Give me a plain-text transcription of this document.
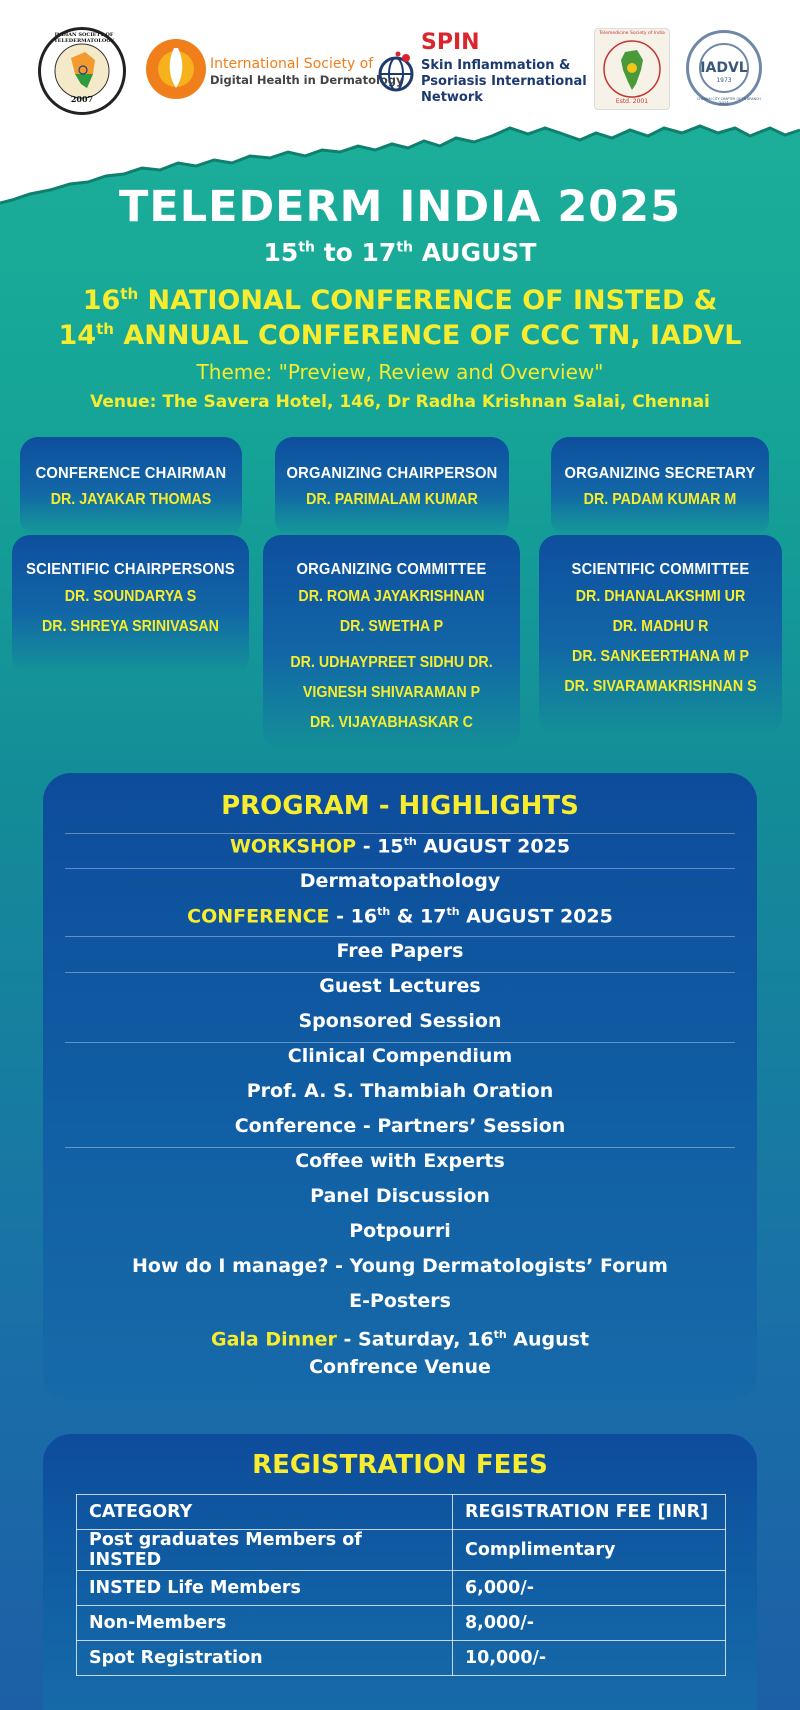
2007
INDIAN SOCIETY OF TELEDERMATOLOGY
International Society of
Digital Health in Dermatology
SPIN
Skin Inflammation &
Psoriasis International
Network
Telemedicine Society of India
Estd. 2001
IADVL
1973
CHENNAI CITY CHAPTER OF TN BRANCH
2011
TELEDERM INDIA 2025
15th to 17th AUGUST
16th NATIONAL CONFERENCE OF INSTED &
14th ANNUAL CONFERENCE OF CCC TN, IADVL
Theme: "Preview, Review and Overview"
Venue: The Savera Hotel, 146, Dr Radha Krishnan Salai, Chennai
CONFERENCE CHAIRMAN
DR. JAYAKAR THOMAS
ORGANIZING CHAIRPERSON
DR. PARIMALAM KUMAR
ORGANIZING SECRETARY
DR. PADAM KUMAR M
SCIENTIFIC CHAIRPERSONS
DR. SOUNDARYA S
DR. SHREYA SRINIVASAN
ORGANIZING COMMITTEE
DR. ROMA JAYAKRISHNAN
DR. SWETHA P
DR. UDHAYPREET SIDHU DR.
VIGNESH SHIVARAMAN P
DR. VIJAYABHASKAR C
SCIENTIFIC COMMITTEE
DR. DHANALAKSHMI UR
DR. MADHU R
DR. SANKEERTHANA M P
DR. SIVARAMAKRISHNAN S
PROGRAM - HIGHLIGHTS
WORKSHOP - 15th AUGUST 2025
Dermatopathology
CONFERENCE - 16th & 17th AUGUST 2025
Free Papers
Guest Lectures
Sponsored Session
Clinical Compendium
Prof. A. S. Thambiah Oration
Conference - Partners’ Session
Coffee with Experts
Panel Discussion
Potpourri
How do I manage? - Young Dermatologists’ Forum
E-Posters
Gala Dinner - Saturday, 16th August
Confrence Venue
REGISTRATION FEES
CATEGORY	REGISTRATION FEE [INR]
Post graduates Members of INSTED	Complimentary
INSTED Life Members	6,000/-
Non-Members	8,000/-
Spot Registration	10,000/-
